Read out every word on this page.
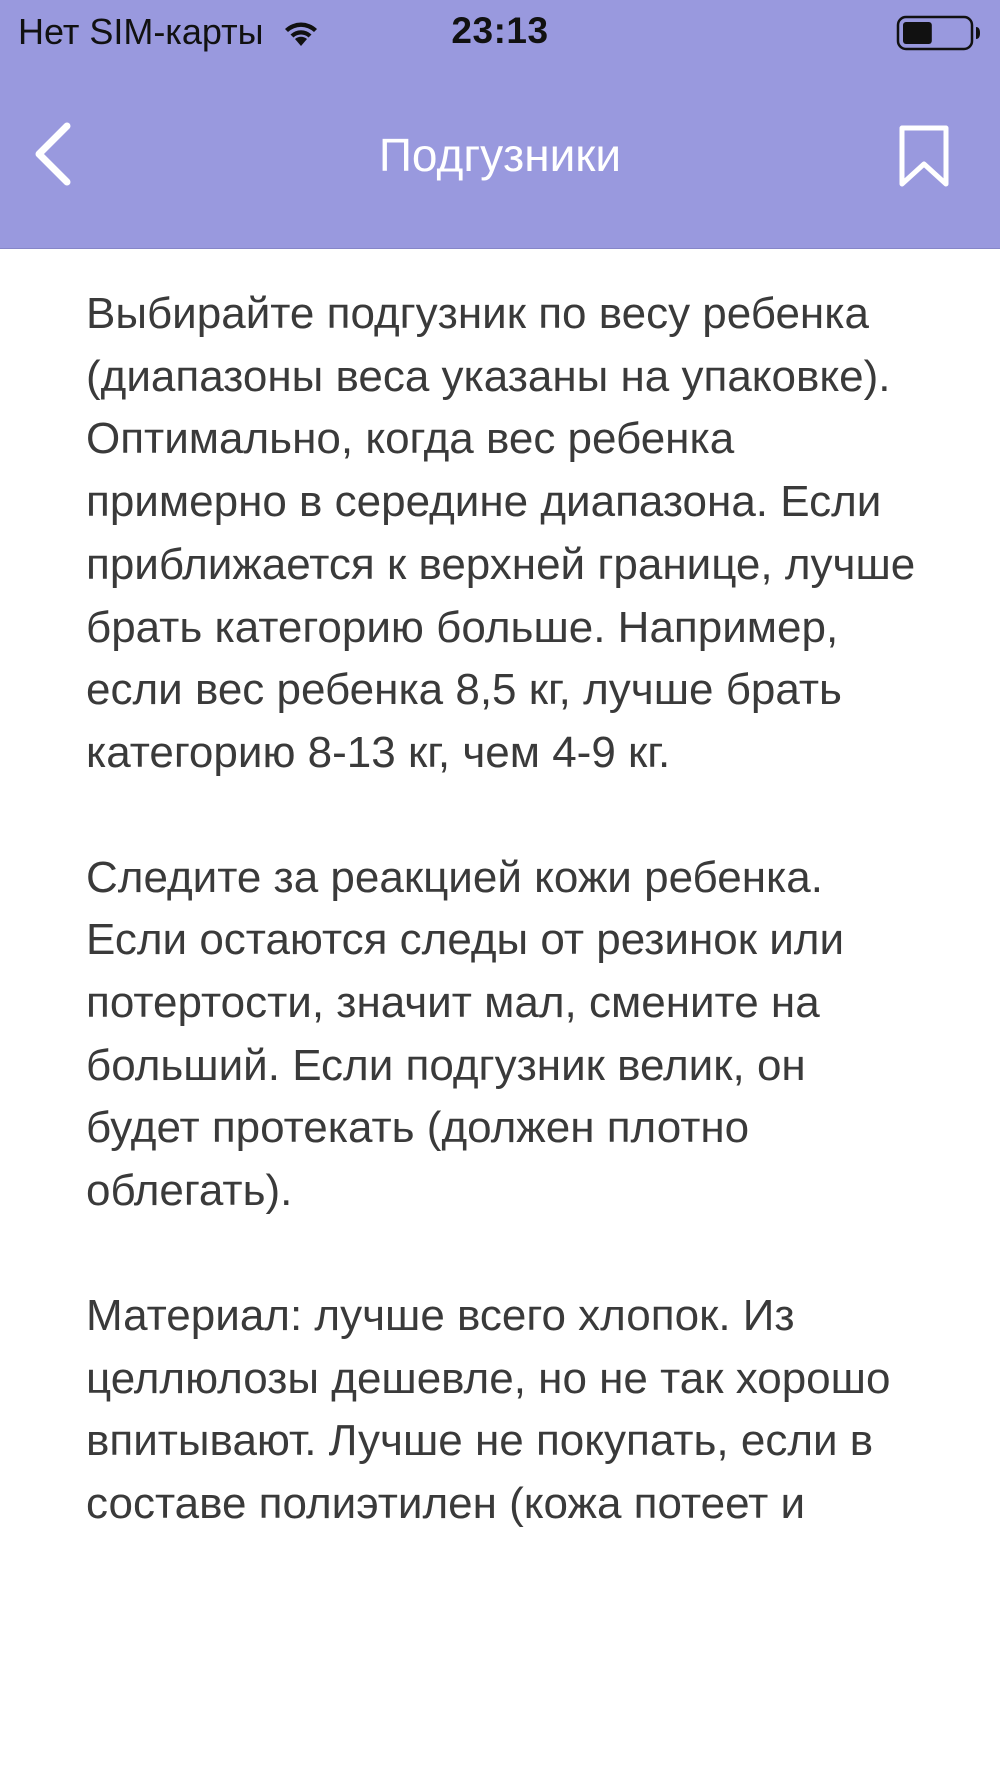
Нет SIM-карты	23:13
Подгузники

Выбирайте подгузник по весу ребенка (диапазоны веса указаны на упаковке). Оптимально, когда вес ребенка примерно в середине диапазона. Если приближается к верхней границе, лучше брать категорию больше. Например, если вес ребенка 8,5 кг, лучше брать категорию 8-13 кг, чем 4-9 кг.

Следите за реакцией кожи ребенка. Если остаются следы от резинок или потертости, значит мал, смените на больший. Если подгузник велик, он будет протекать (должен плотно облегать).

Материал: лучше всего хлопок. Из целлюлозы дешевле, но не так хорошо впитывают. Лучше не покупать, если в составе полиэтилен (кожа потеет и
